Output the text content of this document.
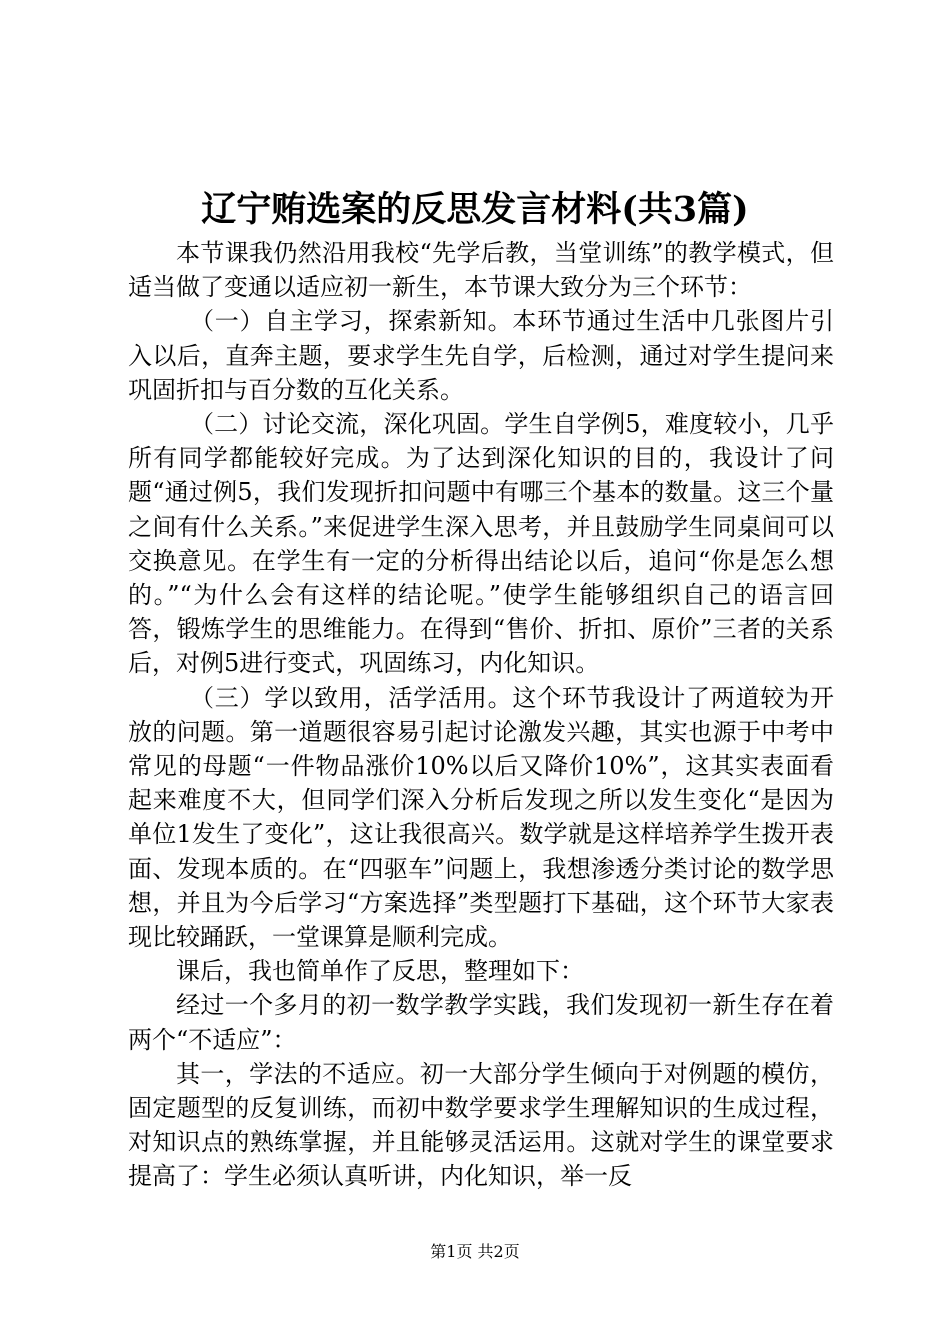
辽宁贿选案的反思发言材料(共3篇)

本节课我仍然沿用我校“先学后教，当堂训练”的教学模式，但适当做了变通以适应初一新生，本节课大致分为三个环节：

（一）自主学习，探索新知。本环节通过生活中几张图片引入以后，直奔主题，要求学生先自学，后检测，通过对学生提问来巩固折扣与百分数的互化关系。

（二）讨论交流，深化巩固。学生自学例5，难度较小，几乎所有同学都能较好完成。为了达到深化知识的目的，我设计了问题“通过例5，我们发现折扣问题中有哪三个基本的数量。这三个量之间有什么关系。”来促进学生深入思考，并且鼓励学生同桌间可以交换意见。在学生有一定的分析得出结论以后，追问“你是怎么想的。”“为什么会有这样的结论呢。”使学生能够组织自己的语言回答，锻炼学生的思维能力。在得到“售价、折扣、原价”三者的关系后，对例5进行变式，巩固练习，内化知识。

（三）学以致用，活学活用。这个环节我设计了两道较为开放的问题。第一道题很容易引起讨论激发兴趣，其实也源于中考中常见的母题“一件物品涨价10%以后又降价10%”，这其实表面看起来难度不大，但同学们深入分析后发现之所以发生变化“是因为单位1发生了变化”，这让我很高兴。数学就是这样培养学生拨开表面、发现本质的。在“四驱车”问题上，我想渗透分类讨论的数学思想，并且为今后学习“方案选择”类型题打下基础，这个环节大家表现比较踊跃，一堂课算是顺利完成。

课后，我也简单作了反思，整理如下：

经过一个多月的初一数学教学实践，我们发现初一新生存在着两个“不适应”：

其一，学法的不适应。初一大部分学生倾向于对例题的模仿，固定题型的反复训练，而初中数学要求学生理解知识的生成过程，对知识点的熟练掌握，并且能够灵活运用。这就对学生的课堂要求提高了：学生必须认真听讲，内化知识，举一反

第1页 共2页
